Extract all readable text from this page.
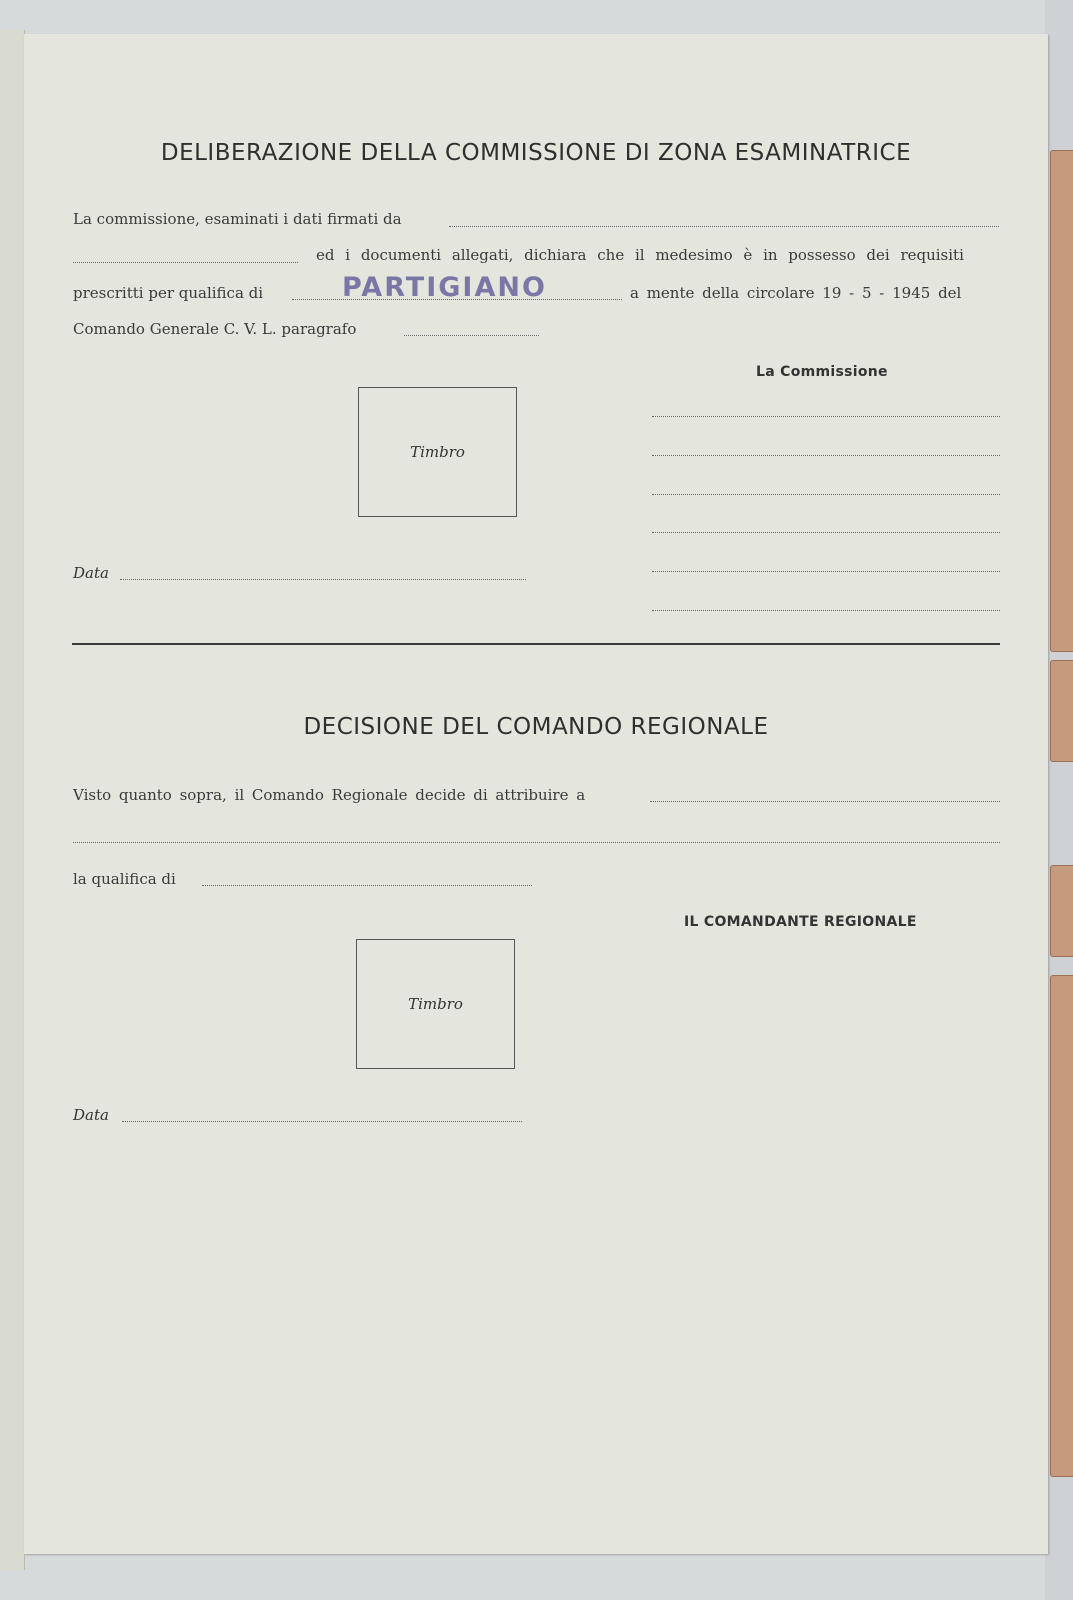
DELIBERAZIONE DELLA COMMISSIONE DI ZONA ESAMINATRICE
La commissione, esaminati i dati firmati da
ed i documenti allegati, dichiara che il medesimo è in possesso dei requisiti
prescritti per qualifica di	PARTIGIANO	a mente della circolare 19 - 5 - 1945 del
Comando Generale C. V. L. paragrafo
La Commissione
Timbro
Data
DECISIONE DEL COMANDO REGIONALE
Visto quanto sopra, il Comando Regionale decide di attribuire a
la qualifica di
IL COMANDANTE REGIONALE
Timbro
Data
